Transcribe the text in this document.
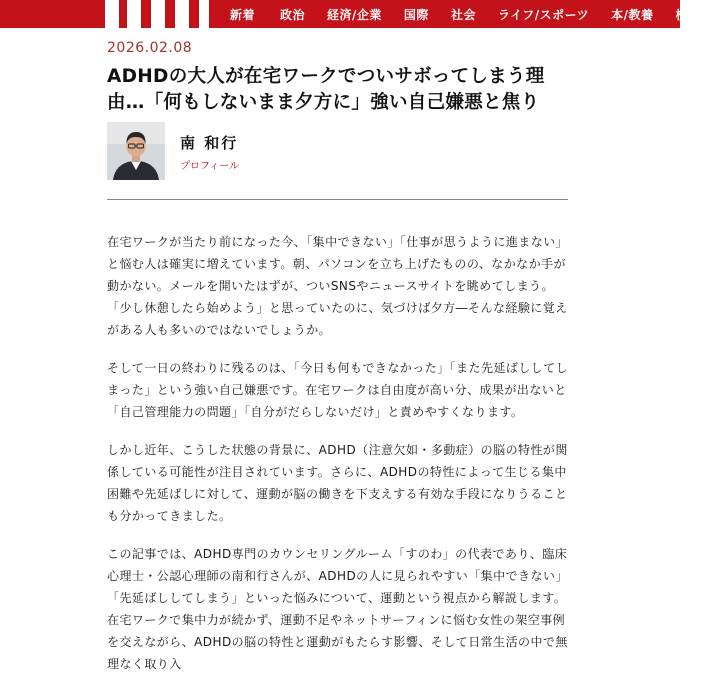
新着 政治 経済/企業 国際 社会 ライフ/スポーツ 本/教養 検
2026.02.08
ADHDの大人が在宅ワークでついサボってしまう理由…「何もしないまま夕方に」強い自己嫌悪と焦り
南 和行
プロフィール

在宅ワークが当たり前になった今、「集中できない」「仕事が思うように進まない」と悩む人は確実に増えています。朝、パソコンを立ち上げたものの、なかなか手が動かない。メールを開いたはずが、ついSNSやニュースサイトを眺めてしまう。「少し休憩したら始めよう」と思っていたのに、気づけば夕方―そんな経験に覚えがある人も多いのではないでしょうか。

そして一日の終わりに残るのは、「今日も何もできなかった」「また先延ばししてしまった」という強い自己嫌悪です。在宅ワークは自由度が高い分、成果が出ないと「自己管理能力の問題」「自分がだらしないだけ」と責めやすくなります。

しかし近年、こうした状態の背景に、ADHD（注意欠如・多動症）の脳の特性が関係している可能性が注目されています。さらに、ADHDの特性によって生じる集中困難や先延ばしに対して、運動が脳の働きを下支えする有効な手段になりうることも分かってきました。

この記事では、ADHD専門のカウンセリングルーム「すのわ」の代表であり、臨床心理士・公認心理師の南和行さんが、ADHDの人に見られやすい「集中できない」「先延ばししてしまう」といった悩みについて、運動という視点から解説します。在宅ワークで集中力が続かず、運動不足やネットサーフィンに悩む女性の架空事例を交えながら、ADHDの脳の特性と運動がもたらす影響、そして日常生活の中で無理なく取り入
